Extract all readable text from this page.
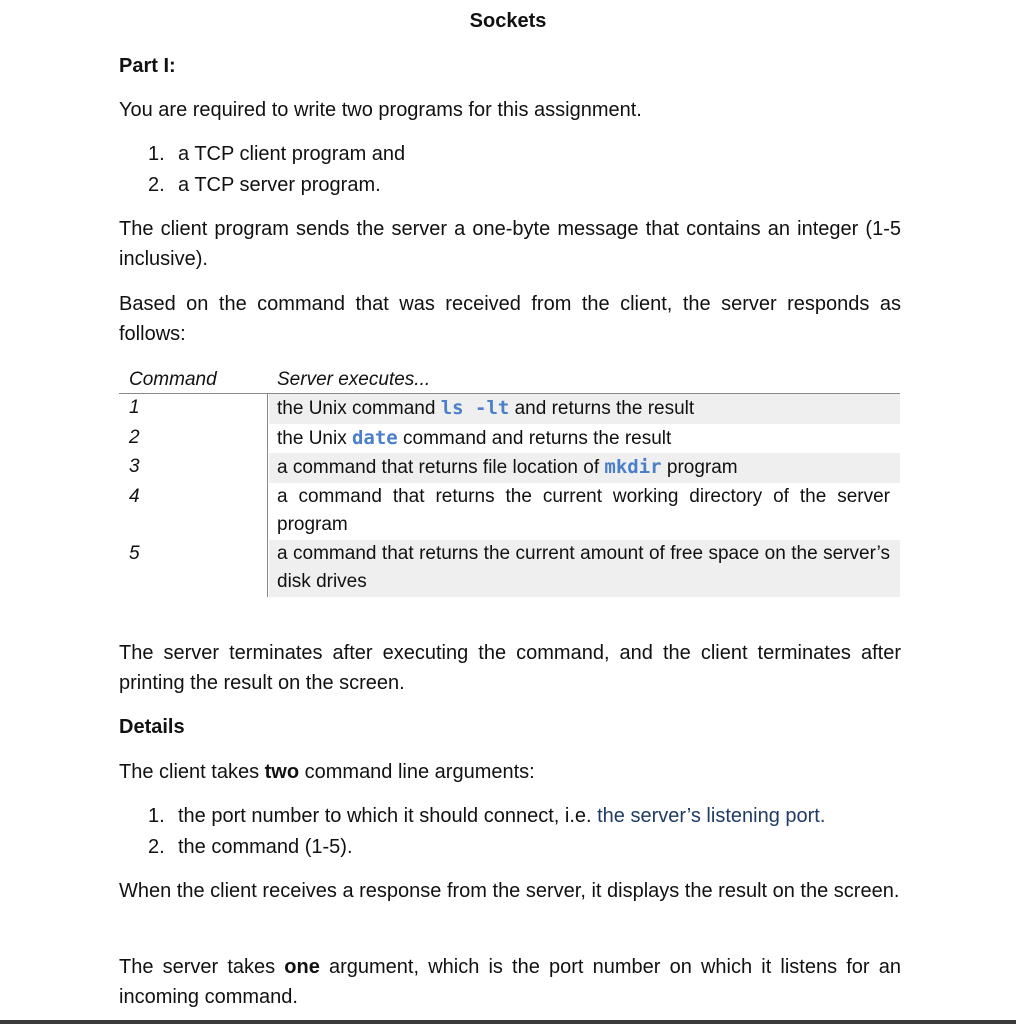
Sockets
Part I:
You are required to write two programs for this assignment.
1. a TCP client program and
2. a TCP server program.
The client program sends the server a one-byte message that contains an integer (1-5 inclusive).
Based on the command that was received from the client, the server responds as follows:
Command	Server executes...
1	the Unix command ls -lt and returns the result
2	the Unix date command and returns the result
3	a command that returns file location of mkdir program
4	a command that returns the current working directory of the server program
5	a command that returns the current amount of free space on the server’s disk drives
The server terminates after executing the command, and the client terminates after printing the result on the screen.
Details
The client takes two command line arguments:
1. the port number to which it should connect, i.e. the server’s listening port.
2. the command (1-5).
When the client receives a response from the server, it displays the result on the screen.
The server takes one argument, which is the port number on which it listens for an incoming command.
